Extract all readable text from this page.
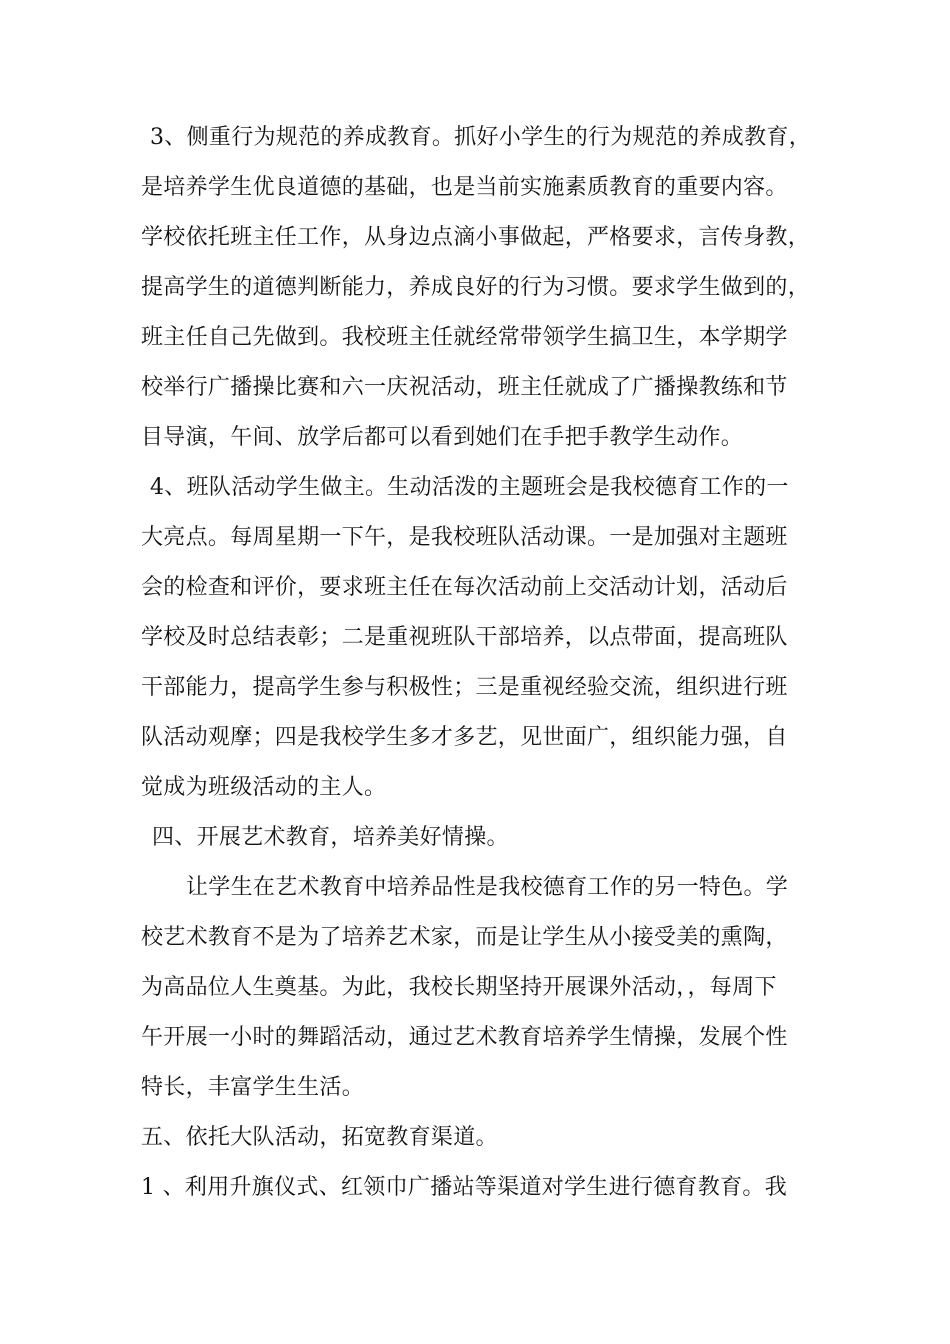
3、侧重行为规范的养成教育。抓好小学生的行为规范的养成教育，
是培养学生优良道德的基础，也是当前实施素质教育的重要内容。
学校依托班主任工作，从身边点滴小事做起，严格要求，言传身教，
提高学生的道德判断能力，养成良好的行为习惯。要求学生做到的，
班主任自己先做到。我校班主任就经常带领学生搞卫生，本学期学
校举行广播操比赛和六一庆祝活动，班主任就成了广播操教练和节
目导演，午间、放学后都可以看到她们在手把手教学生动作。
4、班队活动学生做主。生动活泼的主题班会是我校德育工作的一
大亮点。每周星期一下午，是我校班队活动课。一是加强对主题班
会的检查和评价，要求班主任在每次活动前上交活动计划，活动后
学校及时总结表彰；二是重视班队干部培养，以点带面，提高班队
干部能力，提高学生参与积极性；三是重视经验交流，组织进行班
队活动观摩；四是我校学生多才多艺，见世面广，组织能力强，自
觉成为班级活动的主人。
四、开展艺术教育，培养美好情操。
让学生在艺术教育中培养品性是我校德育工作的另一特色。学
校艺术教育不是为了培养艺术家，而是让学生从小接受美的熏陶，
为高品位人生奠基。为此，我校长期坚持开展课外活动，，每周下
午开展一小时的舞蹈活动，通过艺术教育培养学生情操，发展个性
特长，丰富学生生活。
五、依托大队活动，拓宽教育渠道。
1 、利用升旗仪式、红领巾广播站等渠道对学生进行德育教育。我
